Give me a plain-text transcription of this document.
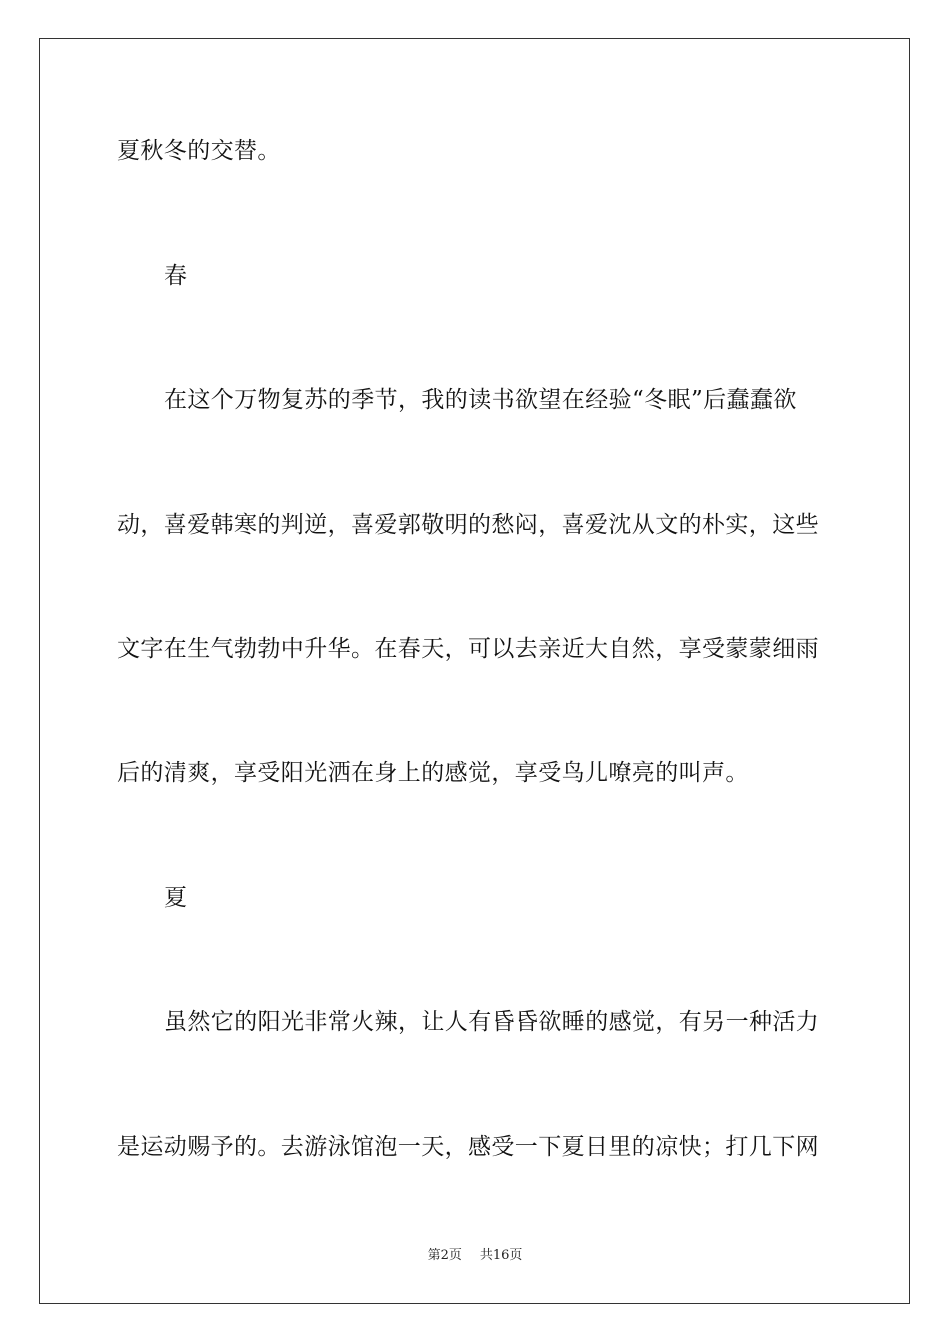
夏秋冬的交替。
春
在这个万物复苏的季节，我的读书欲望在经验“冬眠”后蠢蠢欲
动，喜爱韩寒的判逆，喜爱郭敬明的愁闷，喜爱沈从文的朴实，这些
文字在生气勃勃中升华。在春天，可以去亲近大自然，享受蒙蒙细雨
后的清爽，享受阳光洒在身上的感觉，享受鸟儿嘹亮的叫声。
夏
虽然它的阳光非常火辣，让人有昏昏欲睡的感觉，有另一种活力
是运动赐予的。去游泳馆泡一天，感受一下夏日里的凉快；打几下网
第2页 共16页
